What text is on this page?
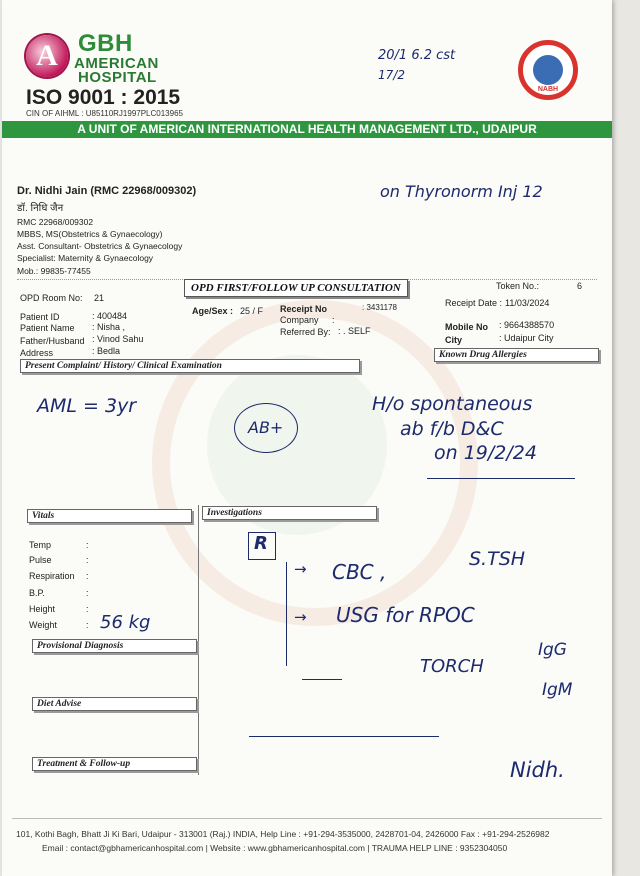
A GBH
AMERICAN
HOSPITAL
ISO 9001 : 2015
CIN OF AIHML : U85110RJ1997PLC013965
20/1 6.2 cst
17/2
NABH
A UNIT OF AMERICAN INTERNATIONAL HEALTH MANAGEMENT LTD., UDAIPUR
Dr. Nidhi Jain (RMC 22968/009302)
डॉ. निधि जैन
RMC 22968/009302
MBBS, MS(Obstetrics & Gynaecology)
Asst. Consultant- Obstetrics & Gynaecology
Specialist: Maternity & Gynaecology
Mob.: 99835-77455
on Thyronorm Inj 12
OPD Room No: 21
OPD FIRST/FOLLOW UP CONSULTATION	Token No.:	6
Receipt Date : 11/03/2024
Patient ID	: 400484
Patient Name : Nisha ,
Father/Husband : Vinod Sahu
Address	: Bedla
Age/Sex : 25 / F Receipt No	: 3431178
Company :
Referred By: : . SELF	Mobile No : 9664388570
City	: Udaipur City
Present Complaint/ History/ Clinical Examination
Known Drug Allergies
AML = 3yr
AB+
H/o spontaneous
ab f/b D&C
on 19/2/24
Vitals
Temp	:
Pulse	:
Respiration :
B.P.	:
Height	:
Weight	: 56 kg
Investigations
R
→ CBC ,
S.TSH
→ USG for RPOC
TORCH
IgG
IgM
Provisional Diagnosis
Diet Advise
Treatment & Follow-up	Nidh.
101, Kothi Bagh, Bhatt Ji Ki Bari, Udaipur - 313001 (Raj.) INDIA, Help Line : +91-294-3535000, 2428701-04, 2426000 Fax : +91-294-2526982
Email : contact@gbhamericanhospital.com | Website : www.gbhamericanhospital.com | TRAUMA HELP LINE : 9352304050
